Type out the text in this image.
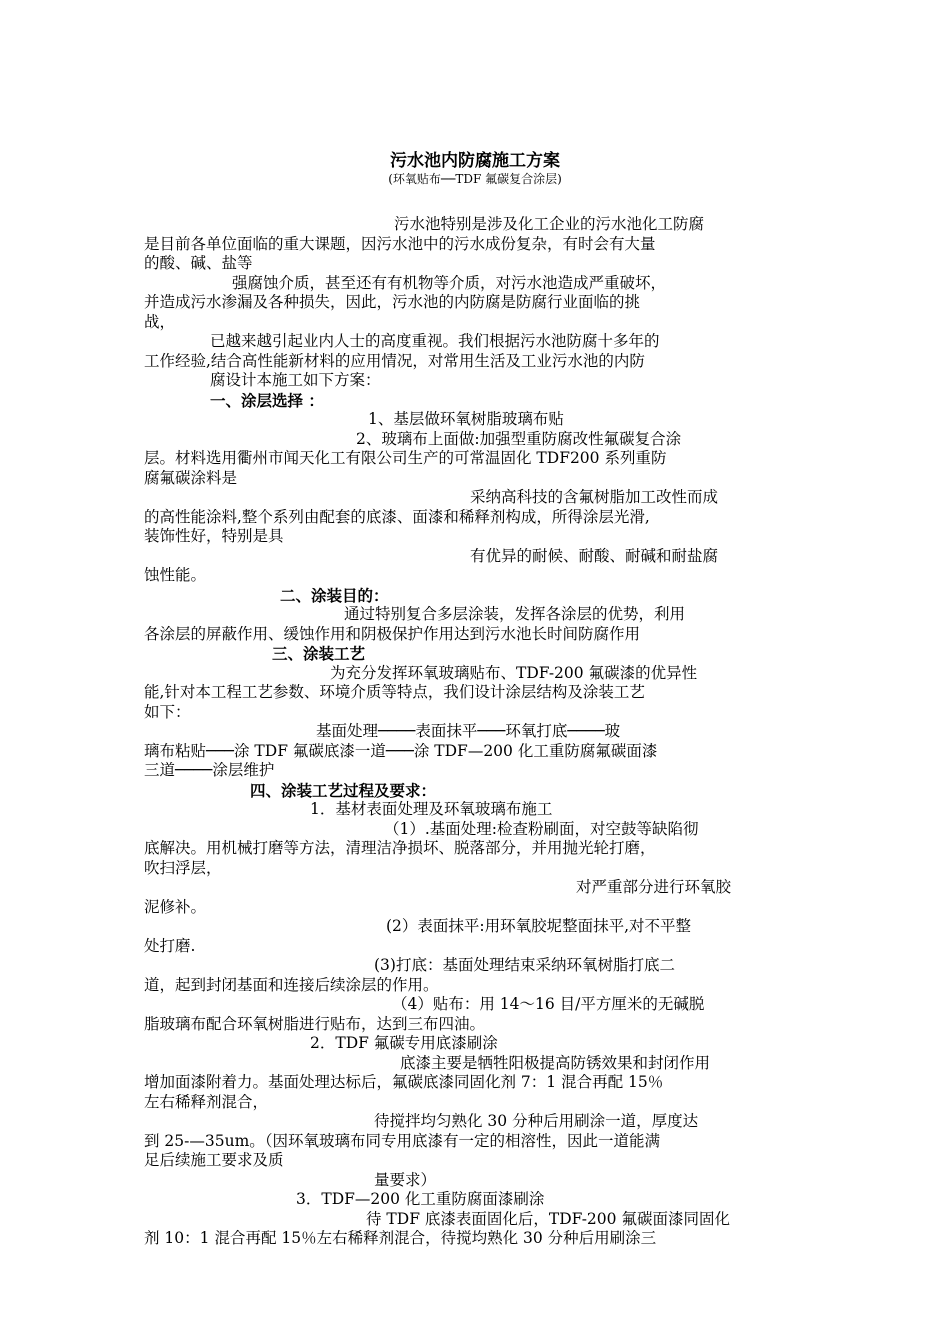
污水池内防腐施工方案
(环氧贴布──TDF 氟碳复合涂层)

污水池特别是涉及化工企业的污水池化工防腐

是目前各单位面临的重大课题，因污水池中的污水成份复杂，有时会有大量

的酸、碱、盐等

强腐蚀介质，甚至还有有机物等介质，对污水池造成严重破坏，

并造成污水渗漏及各种损失，因此，污水池的内防腐是防腐行业面临的挑

战，

已越来越引起业内人士的高度重视。我们根据污水池防腐十多年的

工作经验,结合高性能新材料的应用情况，对常用生活及工业污水池的内防

腐设计本施工如下方案：

一、涂层选择 ：

1、基层做环氧树脂玻璃布贴

2、玻璃布上面做:加强型重防腐改性氟碳复合涂

层。材料选用衢州市闻天化工有限公司生产的可常温固化 TDF200 系列重防

腐氟碳涂料是

采纳高科技的含氟树脂加工改性而成

的高性能涂料,整个系列由配套的底漆、面漆和稀释剂构成，所得涂层光滑,

装饰性好，特别是具

有优异的耐候、耐酸、耐碱和耐盐腐

蚀性能。

二、涂装目的：

通过特别复合多层涂装，发挥各涂层的优势，利用

各涂层的屏蔽作用、缓蚀作用和阴极保护作用达到污水池长时间防腐作用

三、涂装工艺

为充分发挥环氧玻璃贴布、TDF-200 氟碳漆的优异性

能,针对本工程工艺参数、环境介质等特点，我们设计涂层结构及涂装工艺

如下：

基面处理────表面抹平───环氧打底────玻

璃布粘贴───涂 TDF 氟碳底漆一道───涂 TDF—200 化工重防腐氟碳面漆

三道────涂层维护

四、涂装工艺过程及要求：

1．基材表面处理及环氧玻璃布施工

（1）.基面处理:检查粉刷面，对空鼓等缺陷彻

底解决。用机械打磨等方法，清理洁净损坏、脱落部分，并用抛光轮打磨，

吹扫浮层，

对严重部分进行环氧胶

泥修补。

(2）表面抹平:用环氧胶坭整面抹平,对不平整

处打磨.

(3)打底：基面处理结束采纳环氧树脂打底二

道，起到封闭基面和连接后续涂层的作用。

（4）贴布：用 14～16 目/平方厘米的无碱脱

脂玻璃布配合环氧树脂进行贴布，达到三布四油。

2．TDF 氟碳专用底漆刷涂

底漆主要是牺牲阳极提高防锈效果和封闭作用

增加面漆附着力。基面处理达标后，氟碳底漆同固化剂 7：1 混合再配 15％

左右稀释剂混合，

待搅拌均匀熟化 30 分种后用刷涂一道，厚度达

到 25-—35um。（因环氧玻璃布同专用底漆有一定的相溶性，因此一道能满

足后续施工要求及质

量要求）

3．TDF—200 化工重防腐面漆刷涂

待 TDF 底漆表面固化后，TDF-200 氟碳面漆同固化

剂 10：1 混合再配 15％左右稀释剂混合，待搅均熟化 30 分种后用刷涂三
